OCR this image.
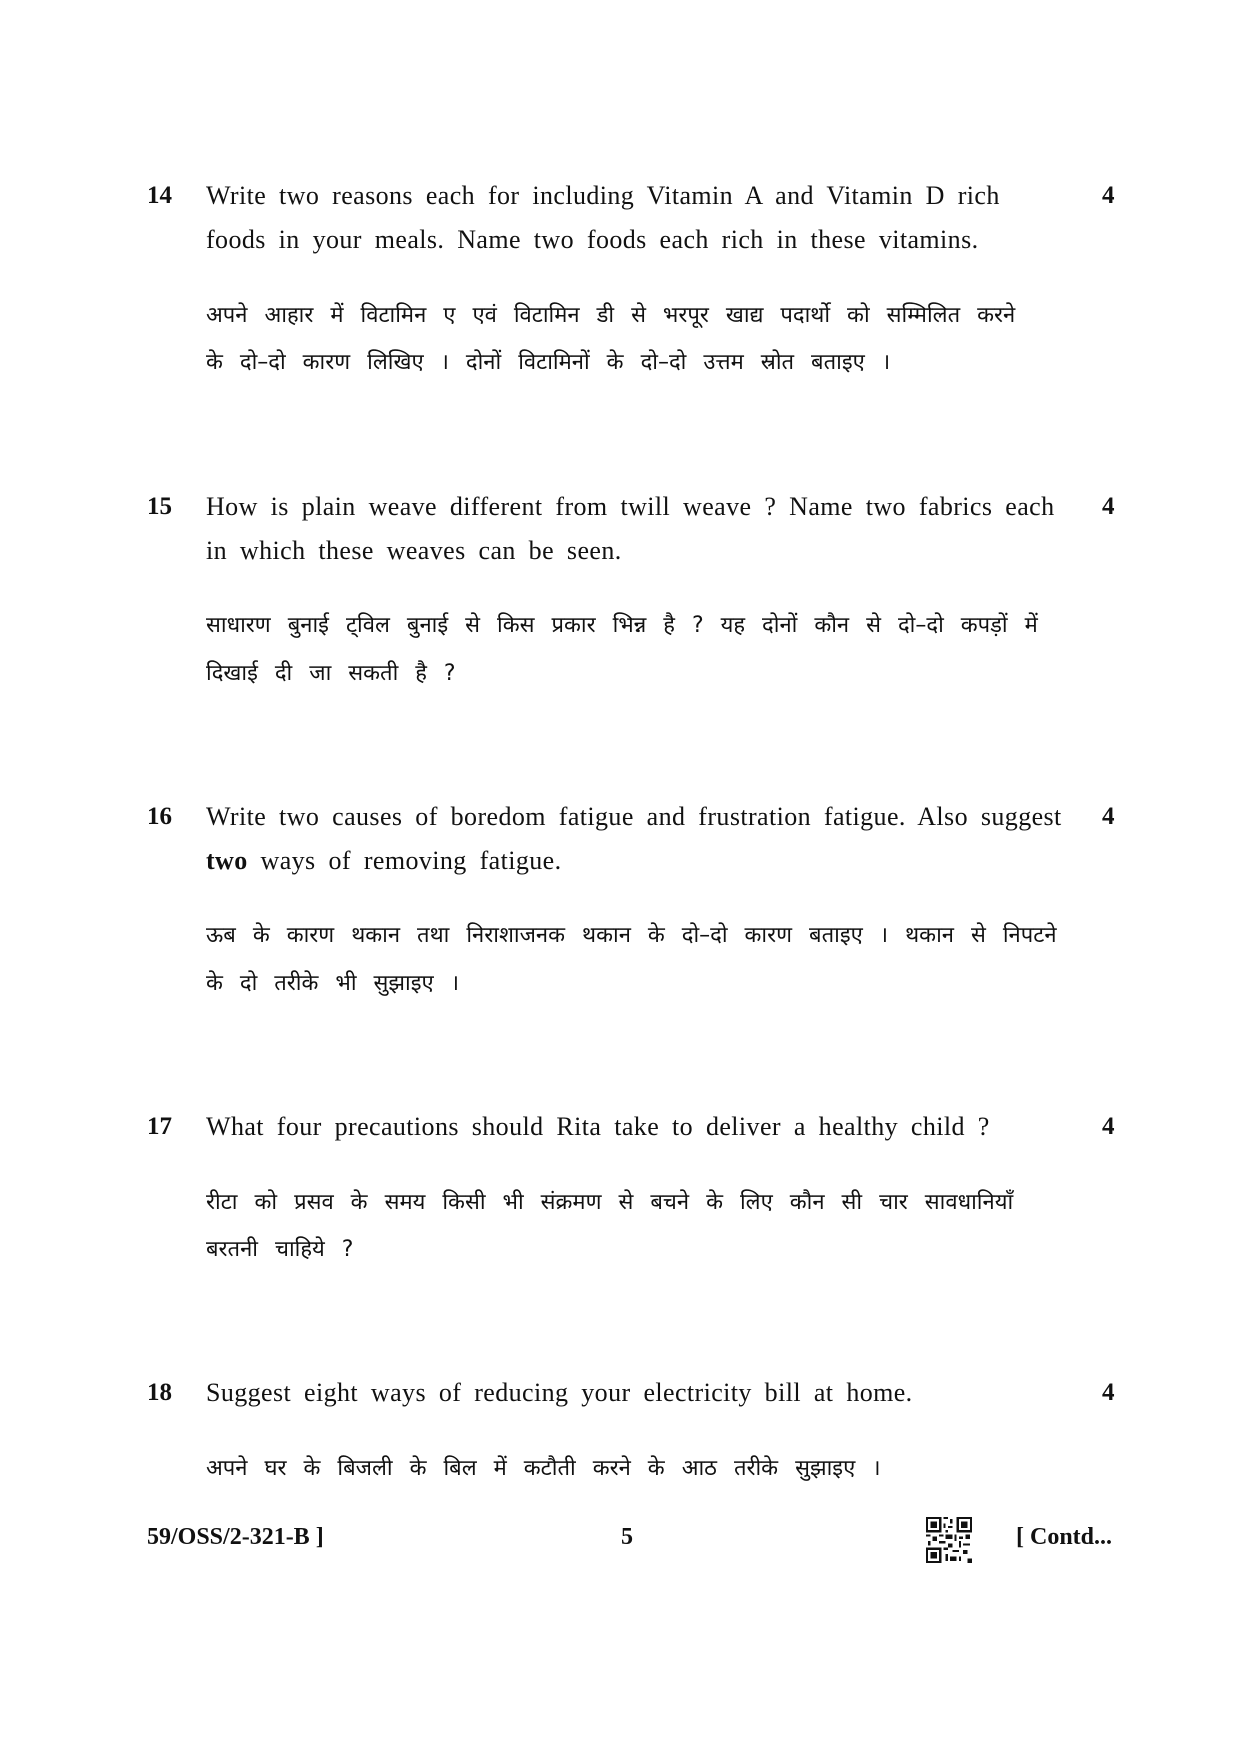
14	4
Write two reasons each for including Vitamin A and Vitamin D rich
foods in your meals. Name two foods each rich in these vitamins.
अपने आहार में विटामिन ए एवं विटामिन डी से भरपूर खाद्य पदार्थो को सम्मिलित करने
के दो–दो कारण लिखिए । दोनों विटामिनों के दो–दो उत्तम स्रोत बताइए ।
15	4
How is plain weave different from twill weave ? Name two fabrics each
in which these weaves can be seen.
साधारण बुनाई ट्विल बुनाई से किस प्रकार भिन्न है ? यह दोनों कौन से दो–दो कपड़ों में
दिखाई दी जा सकती है ?
16	4
Write two causes of boredom fatigue and frustration fatigue. Also suggest
two ways of removing fatigue.
ऊब के कारण थकान तथा निराशाजनक थकान के दो–दो कारण बताइए । थकान से निपटने
के दो तरीके भी सुझाइए ।
17	4
What four precautions should Rita take to deliver a healthy child ?
रीटा को प्रसव के समय किसी भी संक्रमण से बचने के लिए कौन सी चार सावधानियाँ
बरतनी चाहिये ?
18	4
Suggest eight ways of reducing your electricity bill at home.
अपने घर के बिजली के बिल में कटौती करने के आठ तरीके सुझाइए ।
59/OSS/2-321-B ]	5	[ Contd...
